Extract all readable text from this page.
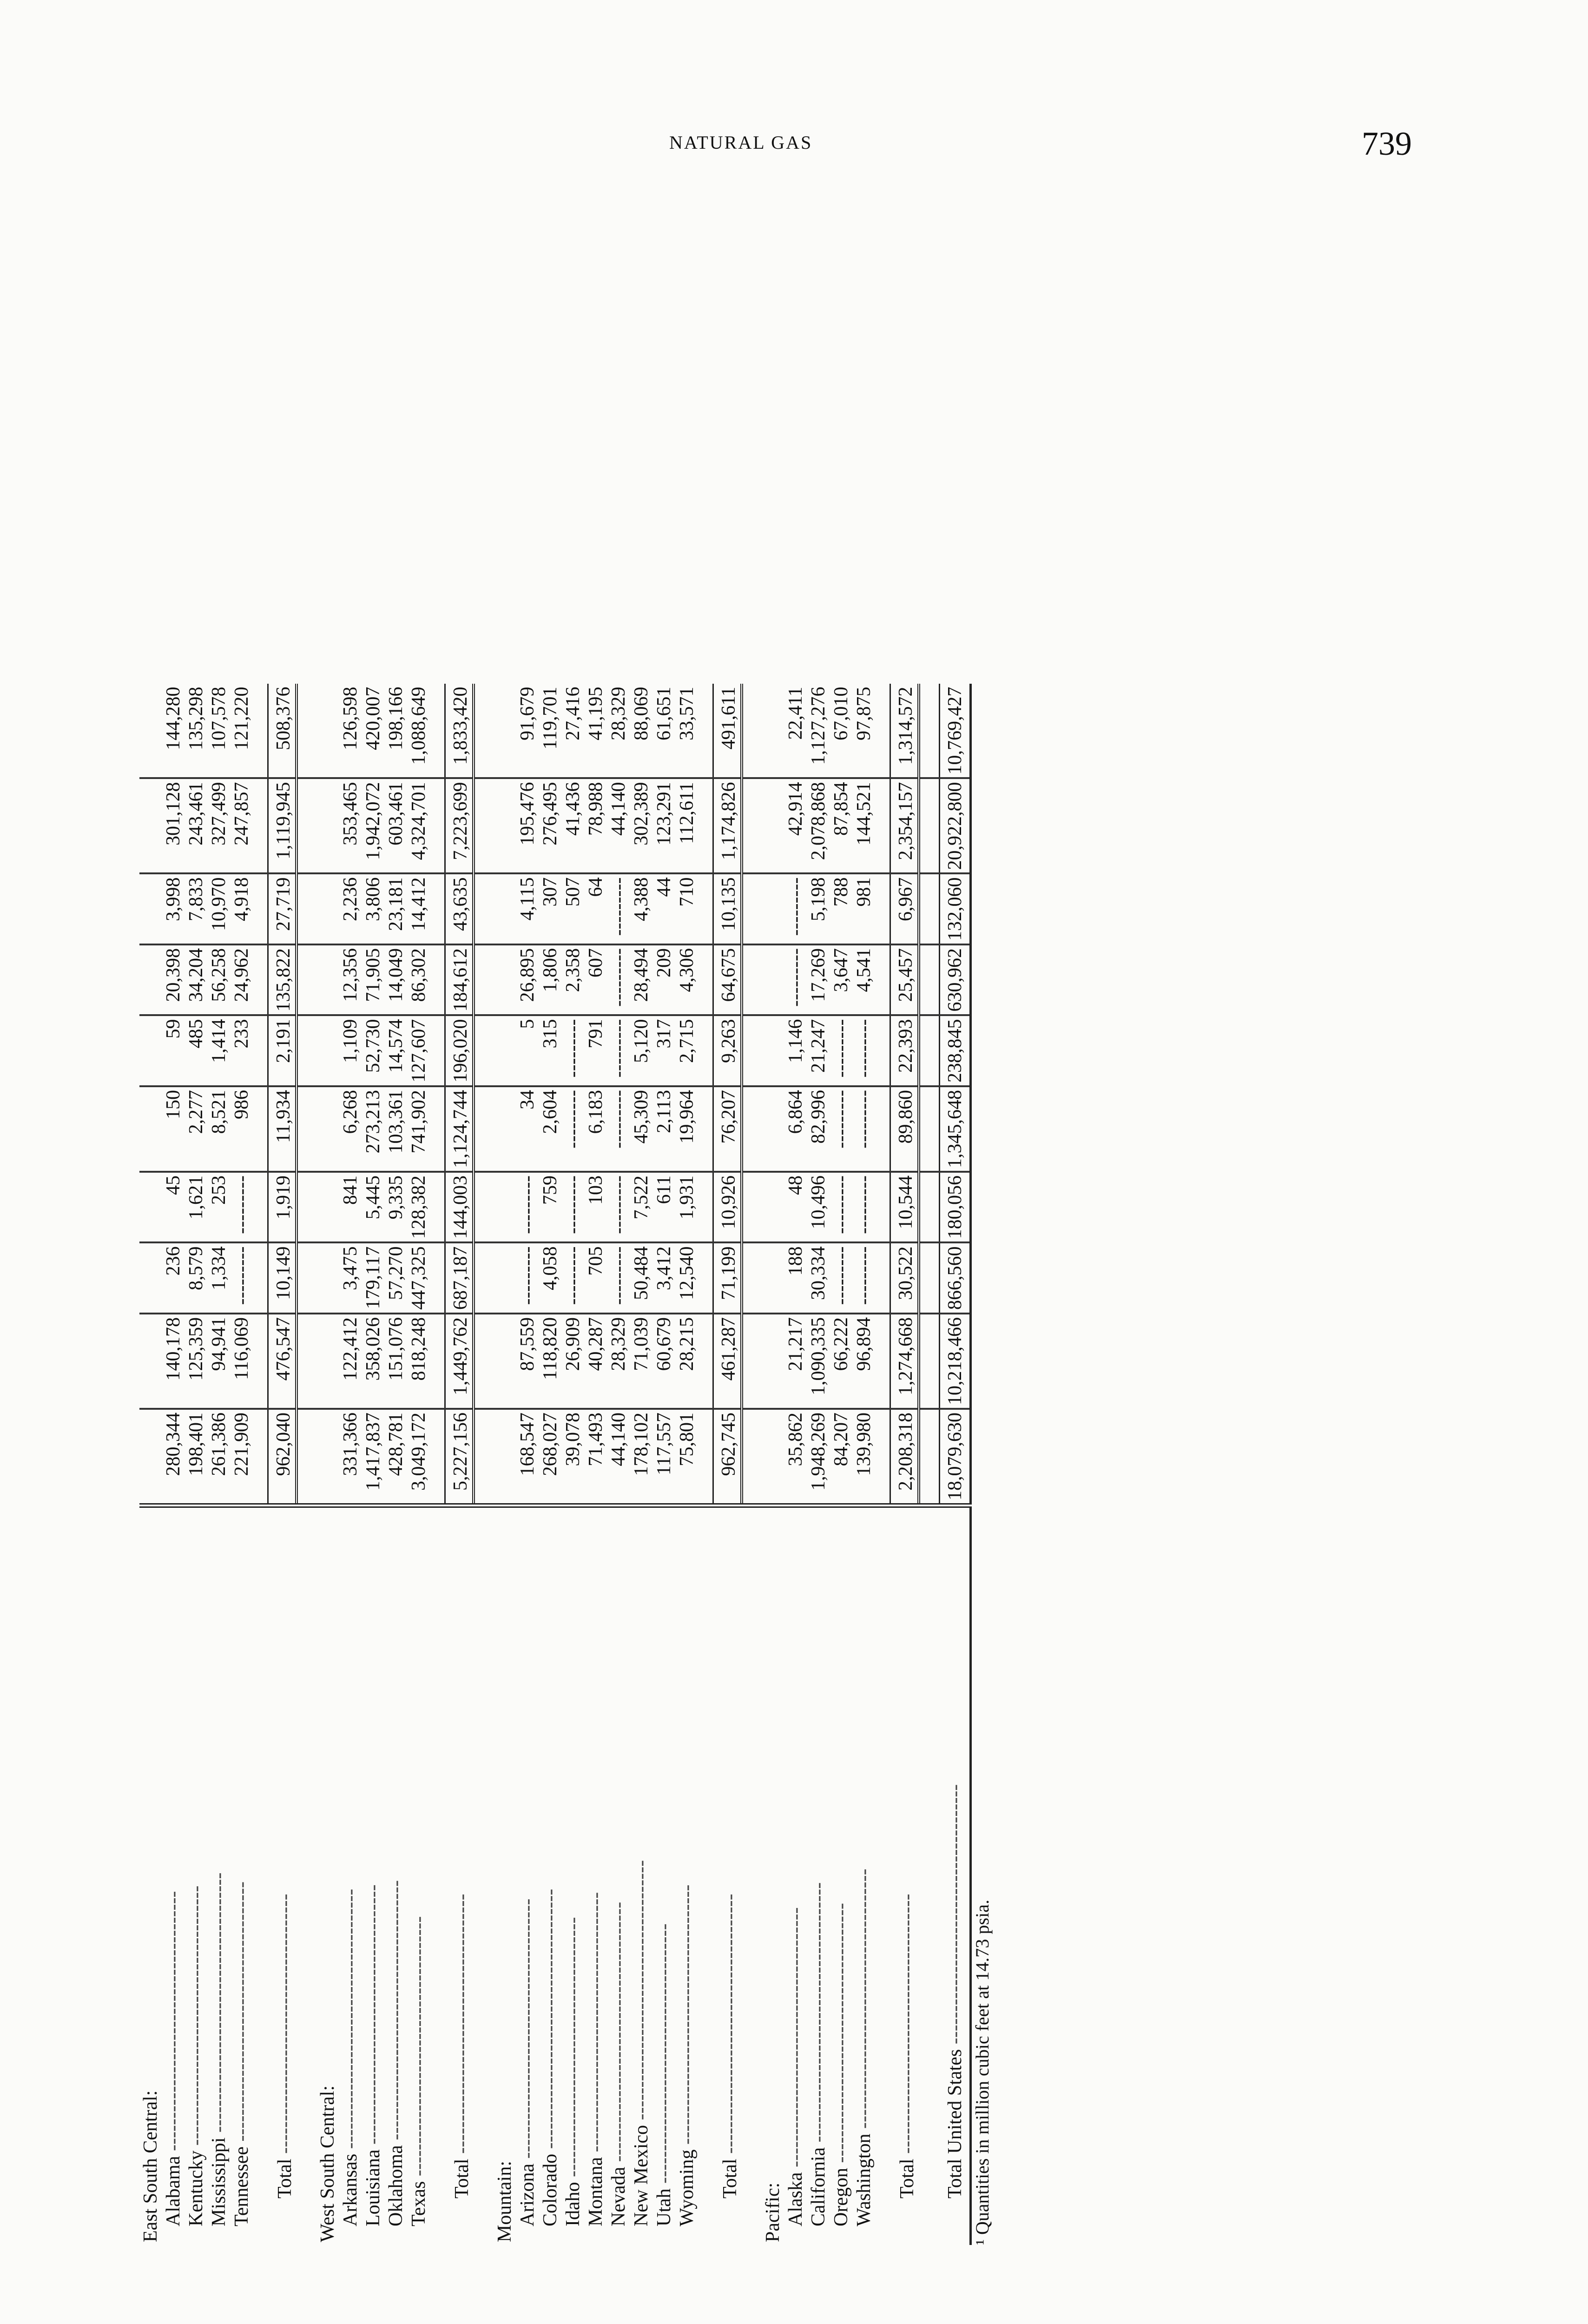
NATURAL GAS	739
East South Central:										
Alabama ----------------------------------------	280,344	140,178	236	45	150	59	20,398	3,998	301,128	144,280
Kentucky ----------------------------------------	198,401	125,359	8,579	1,621	2,277	485	34,204	7,833	243,461	135,298
Mississippi ----------------------------------------	261,386	94,941	1,334	253	8,521	1,414	56,258	10,970	327,499	107,578
Tennessee ----------------------------------------	221,909	116,069	---------	---------	986	233	24,962	4,918	247,857	121,220

Total ----------------------------------------	962,040	476,547	10,149	1,919	11,934	2,191	135,822	27,719	1,119,945	508,376

West South Central:										
Arkansas ----------------------------------------	331,366	122,412	3,475	841	6,268	1,109	12,356	2,236	353,465	126,598
Louisiana ----------------------------------------	1,417,837	358,026	179,117	5,445	273,213	52,730	71,905	3,806	1,942,072	420,007
Oklahoma ----------------------------------------	428,781	151,076	57,270	9,335	103,361	14,574	14,049	23,181	603,461	198,166
Texas ----------------------------------------	3,049,172	818,248	447,325	128,382	741,902	127,607	86,302	14,412	4,324,701	1,088,649

Total ----------------------------------------	5,227,156	1,449,762	687,187	144,003	1,124,744	196,020	184,612	43,635	7,223,699	1,833,420

Mountain:										
Arizona ----------------------------------------	168,547	87,559	---------	---------	34	5	26,895	4,115	195,476	91,679
Colorado ----------------------------------------	268,027	118,820	4,058	759	2,604	315	1,806	307	276,495	119,701
Idaho ----------------------------------------	39,078	26,909	---------	---------	---------	---------	2,358	507	41,436	27,416
Montana ----------------------------------------	71,493	40,287	705	103	6,183	791	607	64	78,988	41,195
Nevada ----------------------------------------	44,140	28,329	---------	---------	---------	---------	---------	---------	44,140	28,329
New Mexico ----------------------------------------	178,102	71,039	50,484	7,522	45,309	5,120	28,494	4,388	302,389	88,069
Utah ----------------------------------------	117,557	60,679	3,412	611	2,113	317	209	44	123,291	61,651
Wyoming ----------------------------------------	75,801	28,215	12,540	1,931	19,964	2,715	4,306	710	112,611	33,571

Total ----------------------------------------	962,745	461,287	71,199	10,926	76,207	9,263	64,675	10,135	1,174,826	491,611

Pacific:										
Alaska ----------------------------------------	35,862	21,217	188	48	6,864	1,146	---------	---------	42,914	22,411
California ----------------------------------------	1,948,269	1,090,335	30,334	10,496	82,996	21,247	17,269	5,198	2,078,868	1,127,276
Oregon ----------------------------------------	84,207	66,222	---------	---------	---------	---------	3,647	788	87,854	67,010
Washington ----------------------------------------	139,980	96,894	---------	---------	---------	---------	4,541	981	144,521	97,875

Total ----------------------------------------	2,208,318	1,274,668	30,522	10,544	89,860	22,393	25,457	6,967	2,354,157	1,314,572

Total United States ----------------------------------------	18,079,630	10,218,466	866,560	180,056	1,345,648	238,845	630,962	132,060	20,922,800	10,769,427
¹ Quantities in million cubic feet at 14.73 psia.
